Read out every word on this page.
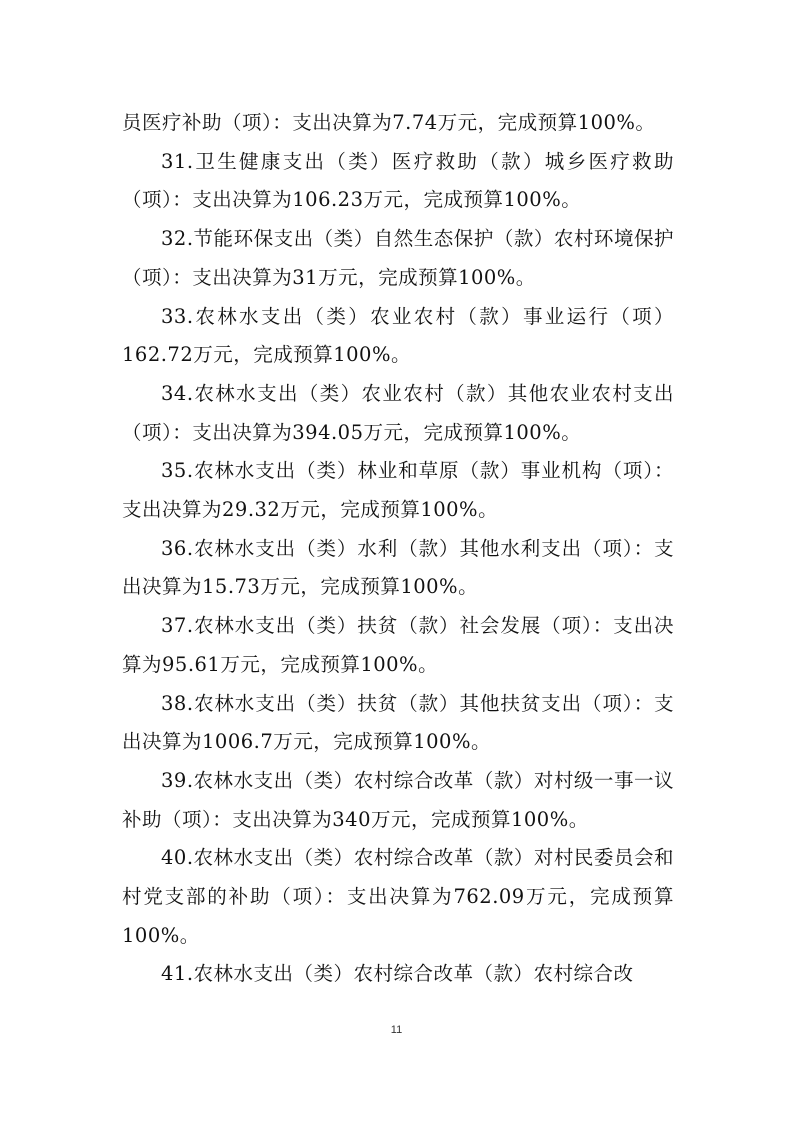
员医疗补助（项）：支出决算为7.74万元，完成预算100%。

31.卫生健康支出（类）医疗救助（款）城乡医疗救助（项）：支出决算为106.23万元，完成预算100%。

32.节能环保支出（类）自然生态保护（款）农村环境保护（项）：支出决算为31万元，完成预算100%。

33.农林水支出（类）农业农村（款）事业运行（项）162.72万元，完成预算100%。

34.农林水支出（类）农业农村（款）其他农业农村支出（项）：支出决算为394.05万元，完成预算100%。

35.农林水支出（类）林业和草原（款）事业机构（项）：支出决算为29.32万元，完成预算100%。

36.农林水支出（类）水利（款）其他水利支出（项）：支出决算为15.73万元，完成预算100%。

37.农林水支出（类）扶贫（款）社会发展（项）：支出决算为95.61万元，完成预算100%。

38.农林水支出（类）扶贫（款）其他扶贫支出（项）：支出决算为1006.7万元，完成预算100%。

39.农林水支出（类）农村综合改革（款）对村级一事一议补助（项）：支出决算为340万元，完成预算100%。

40.农林水支出（类）农村综合改革（款）对村民委员会和村党支部的补助（项）：支出决算为762.09万元，完成预算100%。

41.农林水支出（类）农村综合改革（款）农村综合改

11
